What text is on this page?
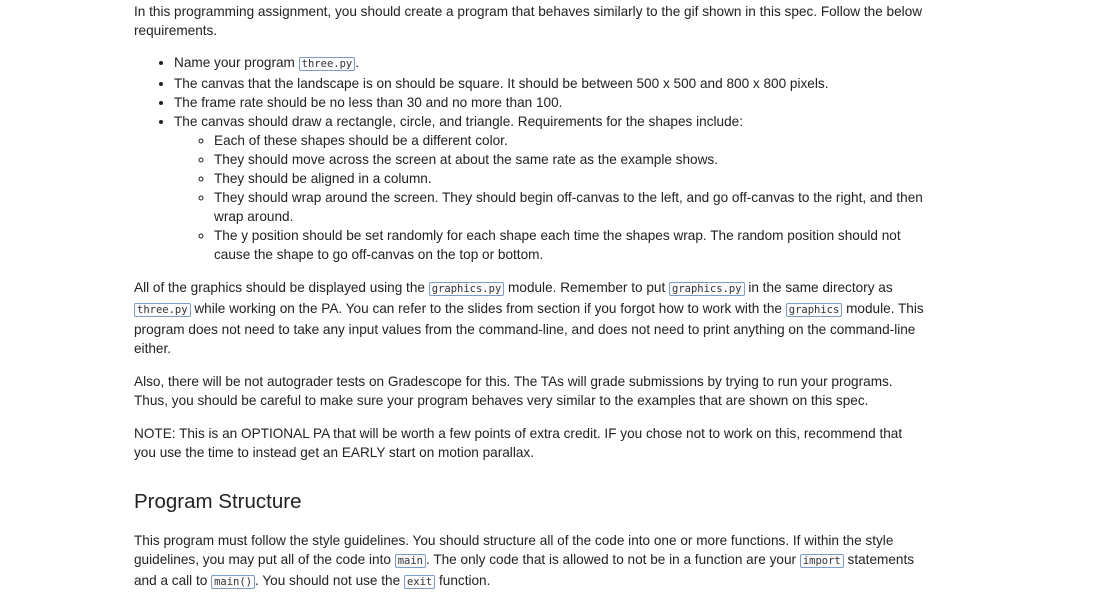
In this programming assignment, you should create a program that behaves similarly to the gif shown in this spec. Follow the below requirements.

• Name your program three.py .
• The canvas that the landscape is on should be square. It should be between 500 x 500 and 800 x 800 pixels.
• The frame rate should be no less than 30 and no more than 100.
• The canvas should draw a rectangle, circle, and triangle. Requirements for the shapes include:
◦ Each of these shapes should be a different color.
◦ They should move across the screen at about the same rate as the example shows.
◦ They should be aligned in a column.
◦ They should wrap around the screen. They should begin off-canvas to the left, and go off-canvas to the right, and then wrap around.
◦ The y position should be set randomly for each shape each time the shapes wrap. The random position should not cause the shape to go off-canvas on the top or bottom.

All of the graphics should be displayed using the graphics.py module. Remember to put graphics.py in the same directory as three.py while working on the PA. You can refer to the slides from section if you forgot how to work with the graphics module. This program does not need to take any input values from the command-line, and does not need to print anything on the command-line either.

Also, there will be not autograder tests on Gradescope for this. The TAs will grade submissions by trying to run your programs. Thus, you should be careful to make sure your program behaves very similar to the examples that are shown on this spec.

NOTE: This is an OPTIONAL PA that will be worth a few points of extra credit. IF you chose not to work on this, recommend that you use the time to instead get an EARLY start on motion parallax.

Program Structure

This program must follow the style guidelines. You should structure all of the code into one or more functions. If within the style guidelines, you may put all of the code into main . The only code that is allowed to not be in a function are your import statements and a call to main() . You should not use the exit function.
